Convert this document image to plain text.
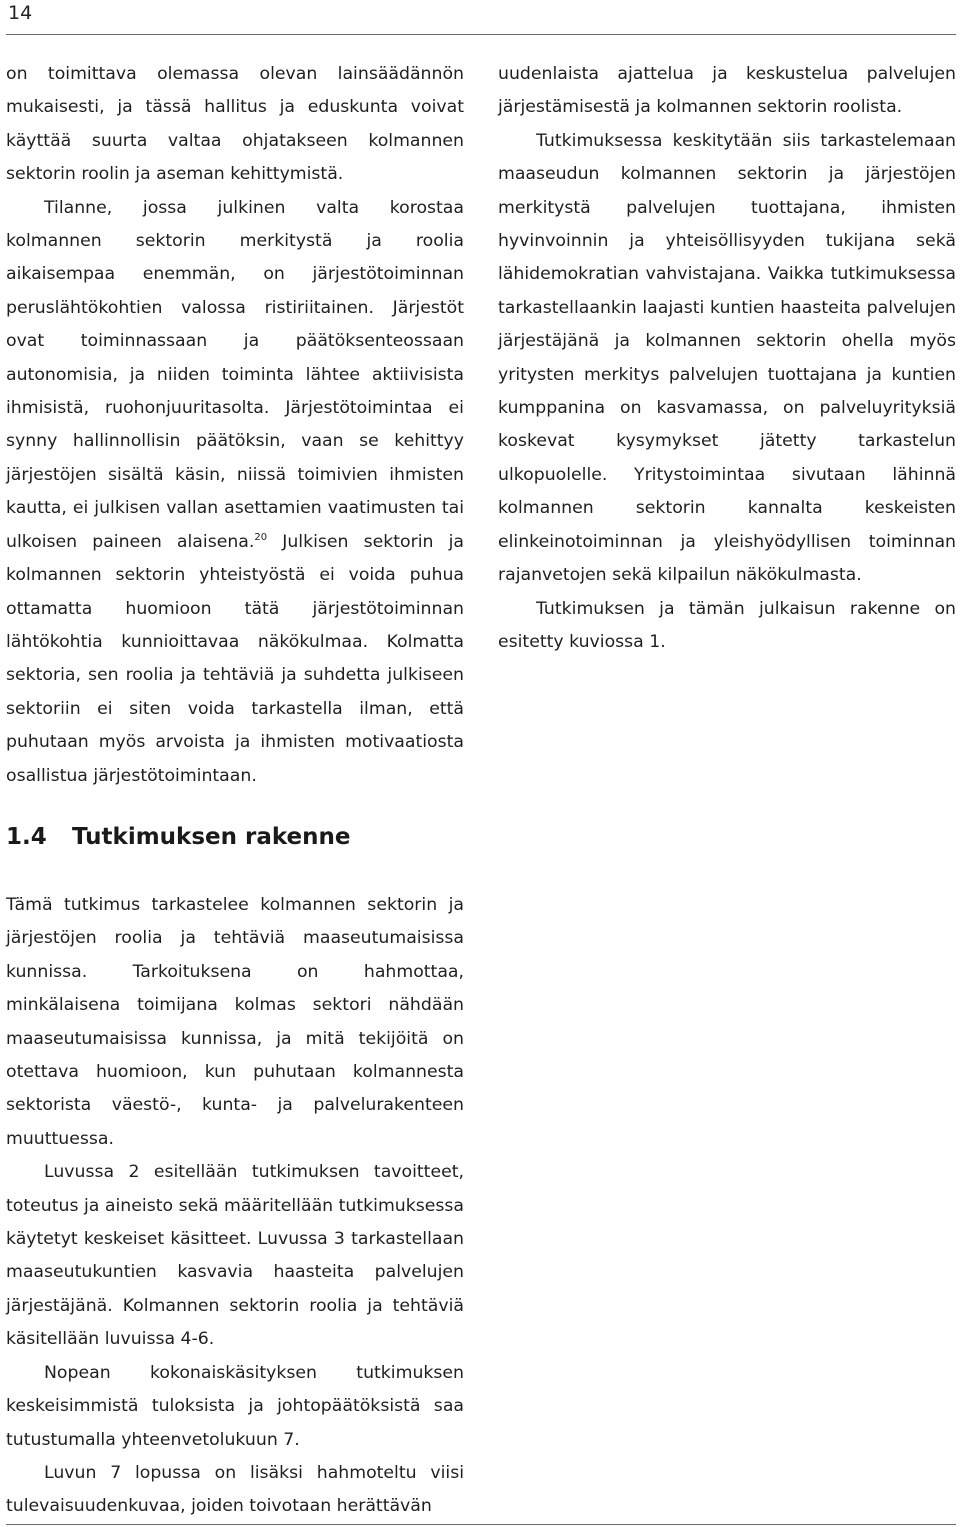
14

on toimittava olemassa olevan lainsäädännön mukaisesti, ja tässä hallitus ja eduskunta voivat käyttää suurta valtaa ohjatakseen kolmannen sektorin roolin ja aseman kehittymistä.

Tilanne, jossa julkinen valta korostaa kolmannen sektorin merkitystä ja roolia aikaisempaa enemmän, on järjestötoiminnan peruslähtökohtien valossa ristiriitainen. Järjestöt ovat toiminnassaan ja päätöksenteossaan autonomisia, ja niiden toiminta lähtee aktiivisista ihmisistä, ruohonjuuritasolta. Järjestötoimintaa ei synny hallinnollisin päätöksin, vaan se kehittyy järjestöjen sisältä käsin, niissä toimivien ihmisten kautta, ei julkisen vallan asettamien vaatimusten tai ulkoisen paineen alaisena.$^{20}$ Julkisen sektorin ja kolmannen sektorin yhteistyöstä ei voida puhua ottamatta huomioon tätä järjestötoiminnan lähtökohtia kunnioittavaa näkökulmaa. Kolmatta sektoria, sen roolia ja tehtäviä ja suhdetta julkiseen sektoriin ei siten voida tarkastella ilman, että puhutaan myös arvoista ja ihmisten motivaatiosta osallistua järjestötoimintaan.

uudenlaista ajattelua ja keskustelua palvelujen järjestämisestä ja kolmannen sektorin roolista.

Tutkimuksessa keskitytään siis tarkastelemaan maaseudun kolmannen sektorin ja järjestöjen merkitystä palvelujen tuottajana, ihmisten hyvinvoinnin ja yhteisöllisyyden tukijana sekä lähidemokratian vahvistajana. Vaikka tutkimuksessa tarkastellaankin laajasti kuntien haasteita palvelujen järjestäjänä ja kolmannen sektorin ohella myös yritysten merkitys palvelujen tuottajana ja kuntien kumppanina on kasvamassa, on palveluyrityksiä koskevat kysymykset jätetty tarkastelun ulkopuolelle. Yritystoimintaa sivutaan lähinnä kolmannen sektorin kannalta keskeisten elinkeinotoiminnan ja yleishyödyllisen toiminnan rajanvetojen sekä kilpailun näkökulmasta.

Tutkimuksen ja tämän julkaisun rakenne on esitetty kuviossa 1.

1.4 Tutkimuksen rakenne

Tämä tutkimus tarkastelee kolmannen sektorin ja järjestöjen roolia ja tehtäviä maaseutumaisissa kunnissa. Tarkoituksena on hahmottaa, minkälaisena toimijana kolmas sektori nähdään maaseutumaisissa kunnissa, ja mitä tekijöitä on otettava huomioon, kun puhutaan kolmannesta sektorista väestö-, kunta- ja palvelurakenteen muuttuessa.

Luvussa 2 esitellään tutkimuksen tavoitteet, toteutus ja aineisto sekä määritellään tutkimuksessa käytetyt keskeiset käsitteet. Luvussa 3 tarkastellaan maaseutukuntien kasvavia haasteita palvelujen järjestäjänä. Kolmannen sektorin roolia ja tehtäviä käsitellään luvuissa 4-6.

Nopean kokonaiskäsityksen tutkimuksen keskeisimmistä tuloksista ja johtopäätöksistä saa tutustumalla yhteenvetolukuun 7.

Luvun 7 lopussa on lisäksi hahmoteltu viisi tulevaisuudenkuvaa, joiden toivotaan herättävän
